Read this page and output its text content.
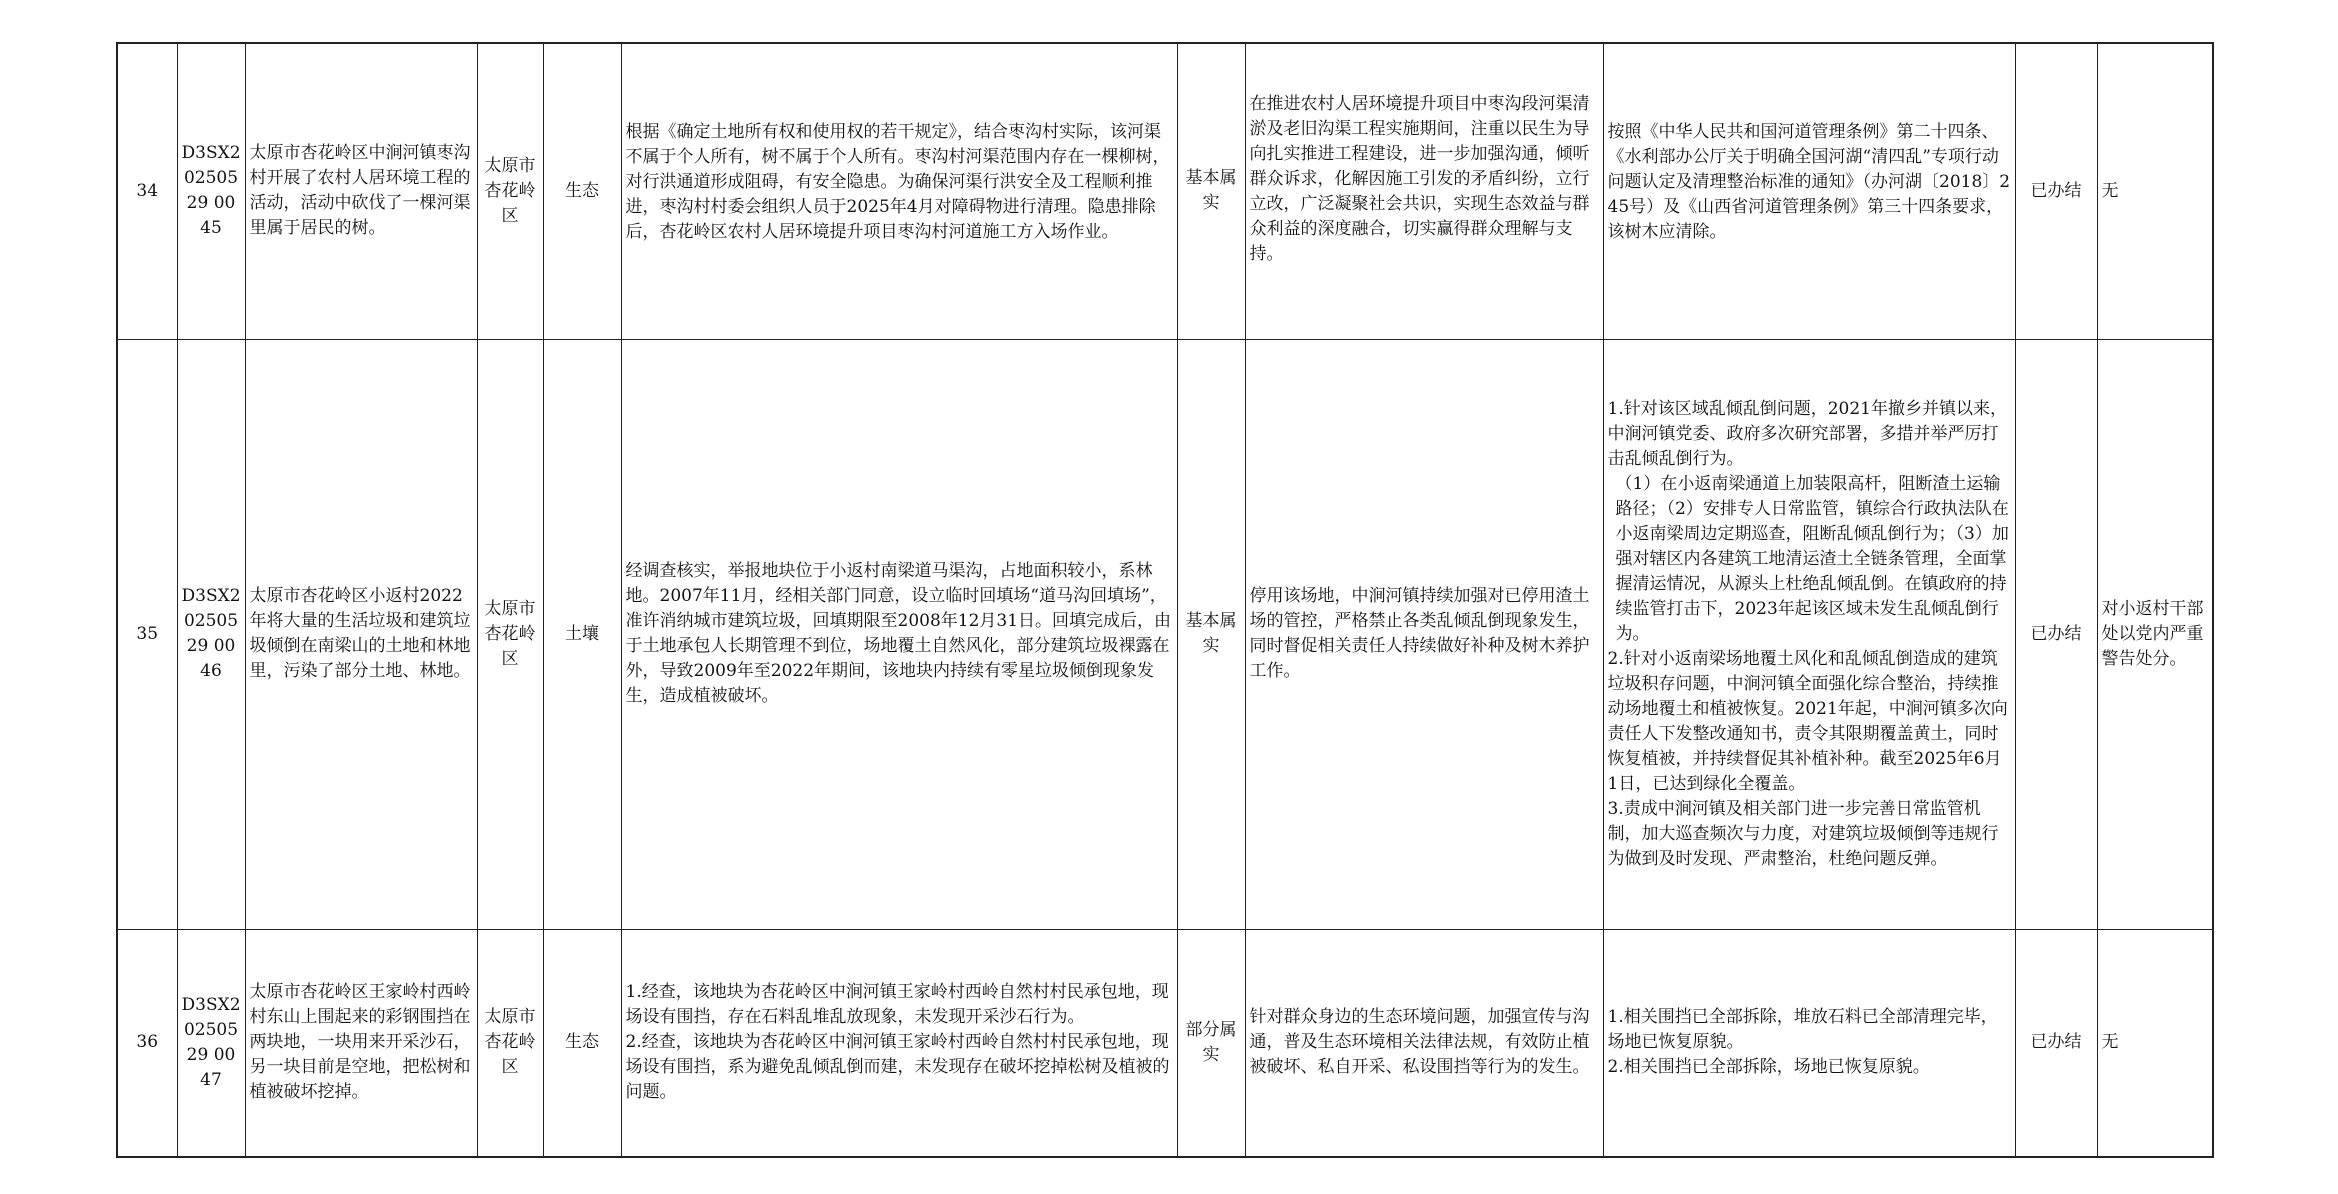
34	D3SX20250529 0045	太原市杏花岭区中涧河镇枣沟村开展了农村人居环境工程的活动，活动中砍伐了一棵河渠里属于居民的树。	太原市杏花岭区	生态	根据《确定土地所有权和使用权的若干规定》，结合枣沟村实际，该河渠不属于个人所有，树不属于个人所有。枣沟村河渠范围内存在一棵柳树，对行洪通道形成阻碍，有安全隐患。为确保河渠行洪安全及工程顺利推进，枣沟村村委会组织人员于2025年4月对障碍物进行清理。隐患排除后，杏花岭区农村人居环境提升项目枣沟村河道施工方入场作业。	基本属实	在推进农村人居环境提升项目中枣沟段河渠清淤及老旧沟渠工程实施期间，注重以民生为导向扎实推进工程建设，进一步加强沟通，倾听群众诉求，化解因施工引发的矛盾纠纷，立行立改，广泛凝聚社会共识，实现生态效益与群众利益的深度融合，切实赢得群众理解与支持。	按照《中华人民共和国河道管理条例》第二十四条、《水利部办公厅关于明确全国河湖“清四乱”专项行动问题认定及清理整治标准的通知》（办河湖〔2018〕245号）及《山西省河道管理条例》第三十四条要求，该树木应清除。	已办结	无
35	D3SX20250529 0046	太原市杏花岭区小返村2022年将大量的生活垃圾和建筑垃圾倾倒在南梁山的土地和林地里，污染了部分土地、林地。	太原市杏花岭区	土壤	经调查核实，举报地块位于小返村南梁道马渠沟，占地面积较小，系林地。2007年11月，经相关部门同意，设立临时回填场“道马沟回填场”，准许消纳城市建筑垃圾，回填期限至2008年12月31日。回填完成后，由于土地承包人长期管理不到位，场地覆土自然风化，部分建筑垃圾裸露在外，导致2009年至2022年期间，该地块内持续有零星垃圾倾倒现象发生，造成植被破坏。	基本属实	停用该场地，中涧河镇持续加强对已停用渣土场的管控，严格禁止各类乱倾乱倒现象发生，同时督促相关责任人持续做好补种及树木养护工作。	1.针对该区域乱倾乱倒问题，2021年撤乡并镇以来，中涧河镇党委、政府多次研究部署，多措并举严厉打击乱倾乱倒行为。
（1）在小返南梁通道上加装限高杆，阻断渣土运输路径；（2）安排专人日常监管，镇综合行政执法队在小返南梁周边定期巡查，阻断乱倾乱倒行为；（3）加强对辖区内各建筑工地清运渣土全链条管理，全面掌握清运情况，从源头上杜绝乱倾乱倒。在镇政府的持续监管打击下，2023年起该区域未发生乱倾乱倒行为。
2.针对小返南梁场地覆土风化和乱倾乱倒造成的建筑垃圾积存问题，中涧河镇全面强化综合整治，持续推动场地覆土和植被恢复。2021年起，中涧河镇多次向责任人下发整改通知书，责令其限期覆盖黄土，同时恢复植被，并持续督促其补植补种。截至2025年6月1日，已达到绿化全覆盖。
3.责成中涧河镇及相关部门进一步完善日常监管机制，加大巡查频次与力度，对建筑垃圾倾倒等违规行为做到及时发现、严肃整治，杜绝问题反弹。	已办结	对小返村干部处以党内严重警告处分。
36	D3SX20250529 0047	太原市杏花岭区王家岭村西岭村东山上围起来的彩钢围挡在两块地，一块用来开采沙石，另一块目前是空地，把松树和植被破坏挖掉。	太原市杏花岭区	生态	1.经查，该地块为杏花岭区中涧河镇王家岭村西岭自然村村民承包地，现场设有围挡，存在石料乱堆乱放现象，未发现开采沙石行为。
2.经查，该地块为杏花岭区中涧河镇王家岭村西岭自然村村民承包地，现场设有围挡，系为避免乱倾乱倒而建，未发现存在破坏挖掉松树及植被的问题。	部分属实	针对群众身边的生态环境问题，加强宣传与沟通，普及生态环境相关法律法规，有效防止植被破坏、私自开采、私设围挡等行为的发生。	1.相关围挡已全部拆除，堆放石料已全部清理完毕，场地已恢复原貌。
2.相关围挡已全部拆除，场地已恢复原貌。	已办结	无
